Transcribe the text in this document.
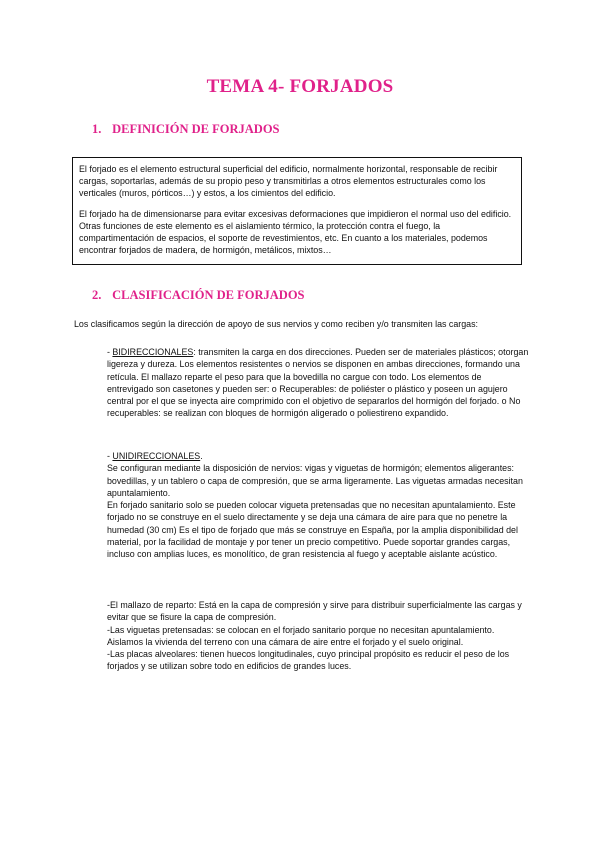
TEMA 4- FORJADOS
1. DEFINICIÓN DE FORJADOS

El forjado es el elemento estructural superficial del edificio, normalmente horizontal, responsable de recibir cargas, soportarlas, además de su propio peso y transmitirlas a otros elementos estructurales como los verticales (muros, pórticos…) y estos, a los cimientos del edificio.

El forjado ha de dimensionarse para evitar excesivas deformaciones que impidieron el normal uso del edificio. Otras funciones de este elemento es el aislamiento térmico, la protección contra el fuego, la compartimentación de espacios, el soporte de revestimientos, etc. En cuanto a los materiales, podemos encontrar forjados de madera, de hormigón, metálicos, mixtos…

2. CLASIFICACIÓN DE FORJADOS
Los clasificamos según la dirección de apoyo de sus nervios y como reciben y/o transmiten las cargas:

- BIDIRECCIONALES: transmiten la carga en dos direcciones. Pueden ser de materiales plásticos; otorgan ligereza y dureza. Los elementos resistentes o nervios se disponen en ambas direcciones, formando una retícula. El mallazo reparte el peso para que la bovedilla no cargue con todo. Los elementos de entrevigado son casetones y pueden ser: o Recuperables: de poliéster o plástico y poseen un agujero central por el que se inyecta aire comprimido con el objetivo de separarlos del hormigón del forjado. o No recuperables: se realizan con bloques de hormigón aligerado o poliestireno expandido.

- UNIDIRECCIONALES.

Se configuran mediante la disposición de nervios: vigas y viguetas de hormigón; elementos aligerantes: bovedillas, y un tablero o capa de compresión, que se arma ligeramente. Las viguetas armadas necesitan apuntalamiento.

En forjado sanitario solo se pueden colocar vigueta pretensadas que no necesitan apuntalamiento. Este forjado no se construye en el suelo directamente y se deja una cámara de aire para que no penetre la humedad (30 cm) Es el tipo de forjado que más se construye en España, por la amplia disponibilidad del material, por la facilidad de montaje y por tener un precio competitivo. Puede soportar grandes cargas, incluso con amplias luces, es monolítico, de gran resistencia al fuego y aceptable aislante acústico.

-El mallazo de reparto: Está en la capa de compresión y sirve para distribuir superficialmente las cargas y evitar que se fisure la capa de compresión.

-Las viguetas pretensadas: se colocan en el forjado sanitario porque no necesitan apuntalamiento. Aislamos la vivienda del terreno con una cámara de aire entre el forjado y el suelo original.

-Las placas alveolares: tienen huecos longitudinales, cuyo principal propósito es reducir el peso de los forjados y se utilizan sobre todo en edificios de grandes luces.
